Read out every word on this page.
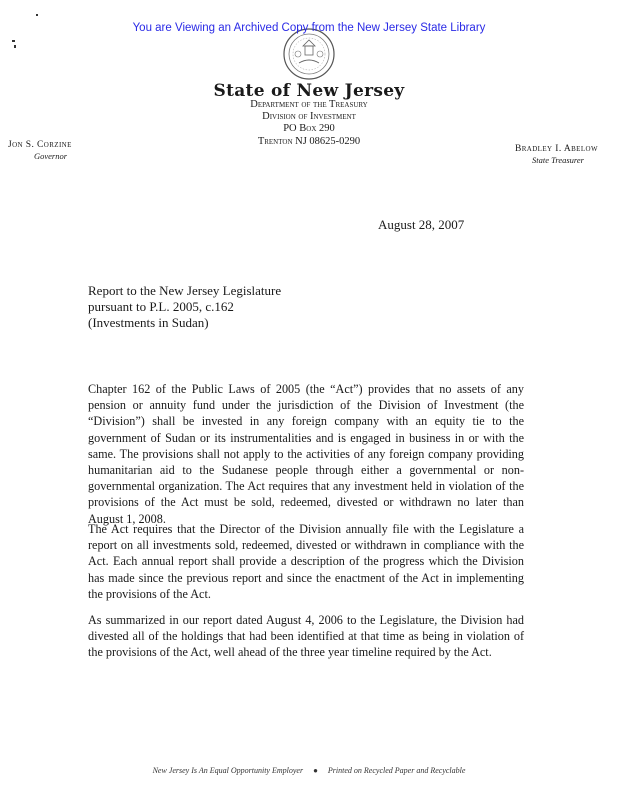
You are Viewing an Archived Copy from the New Jersey State Library
State of New Jersey
Department of the Treasury
Division of Investment
PO Box 290
Trenton NJ 08625-0290
Jon S. Corzine
Governor
Bradley I. Abelow
State Treasurer
August 28, 2007
Report to the New Jersey Legislature
pursuant to P.L. 2005, c.162
(Investments in Sudan)

Chapter 162 of the Public Laws of 2005 (the “Act”) provides that no assets of any pension or annuity fund under the jurisdiction of the Division of Investment (the “Division”) shall be invested in any foreign company with an equity tie to the government of Sudan or its instrumentalities and is engaged in business in or with the same. The provisions shall not apply to the activities of any foreign company providing humanitarian aid to the Sudanese people through either a governmental or non-governmental organization. The Act requires that any investment held in violation of the provisions of the Act must be sold, redeemed, divested or withdrawn no later than August 1, 2008.

The Act requires that the Director of the Division annually file with the Legislature a report on all investments sold, redeemed, divested or withdrawn in compliance with the Act. Each annual report shall provide a description of the progress which the Division has made since the previous report and since the enactment of the Act in implementing the provisions of the Act.

As summarized in our report dated August 4, 2006 to the Legislature, the Division had divested all of the holdings that had been identified at that time as being in violation of the provisions of the Act, well ahead of the three year timeline required by the Act.

New Jersey Is An Equal Opportunity Employer ● Printed on Recycled Paper and Recyclable
